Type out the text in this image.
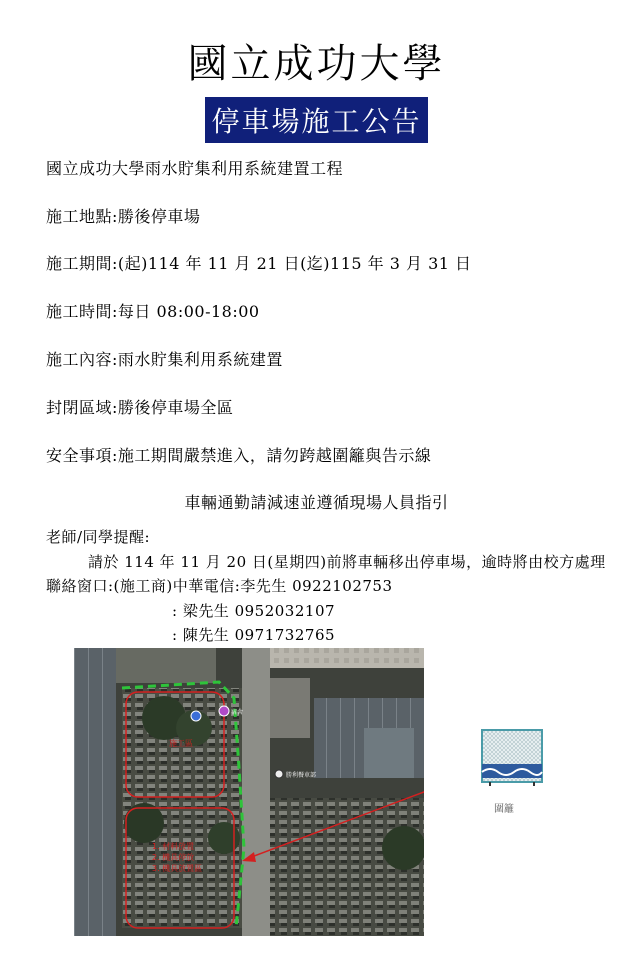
國立成功大學
停車場施工公告
國立成功大學雨水貯集利用系統建置工程
施工地點:勝後停車場
施工期間:(起)114 年 11 月 21 日(迄)115 年 3 月 31 日
施工時間:每日 08:00-18:00
施工內容:雨水貯集利用系統建置
封閉區域:勝後停車場全區
安全事項:施工期間嚴禁進入，請勿跨越圍籬與告示線
車輛通勤請減速並遵循現場人員指引
老師/同學提醒:
請於 114 年 11 月 20 日(星期四)前將車輛移出停車場，逾時將由校方處理
聯絡窗口:(施工商)中華電信:李先生 0922102753
: 梁先生 0952032107
: 陳先生 0971732765
施工區
1. 材料放置
2. 機具停放
3. 機具放置區
宿舍
勝利餐車部
圍籬
